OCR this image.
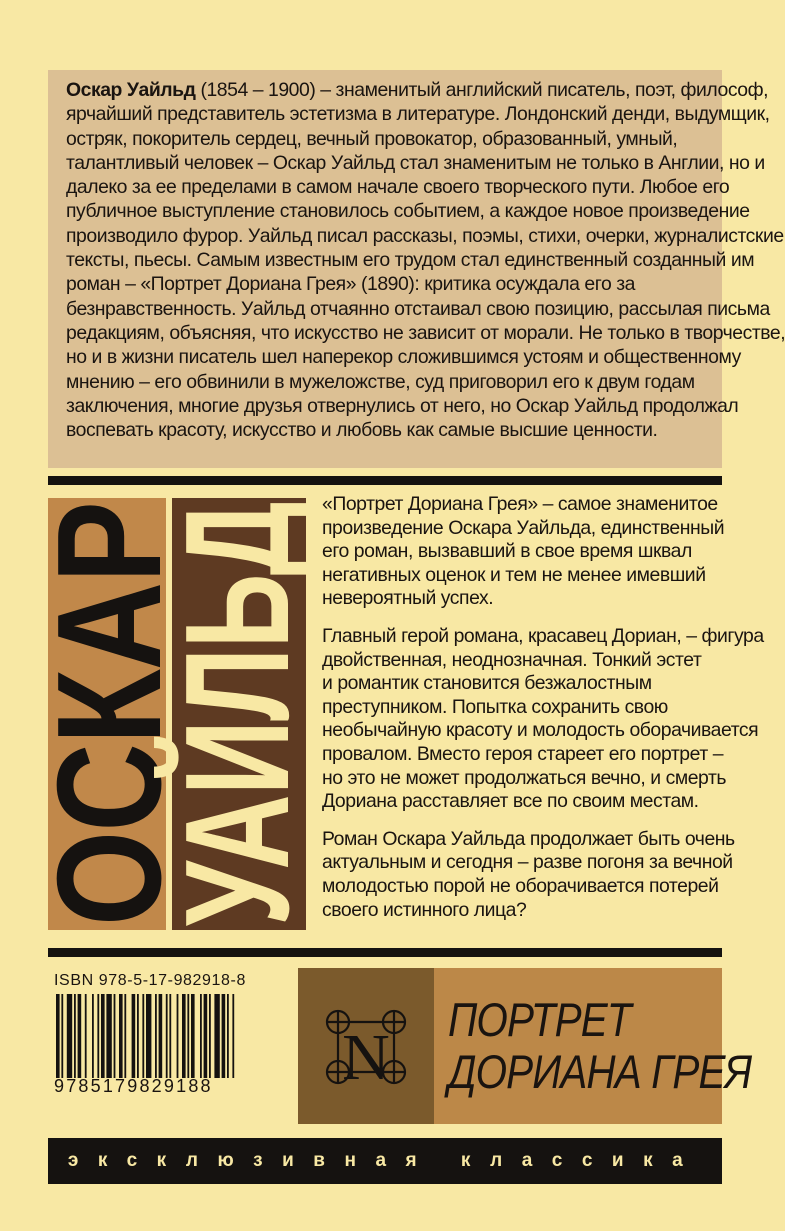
Оскар Уайльд (1854 – 1900) – знаменитый английский писатель, поэт, философ,

ярчайший представитель эстетизма в литературе. Лондонский денди, выдумщик,

остряк, покоритель сердец, вечный провокатор, образованный, умный,

талантливый человек – Оскар Уайльд стал знаменитым не только в Англии, но и

далеко за ее пределами в самом начале своего творческого пути. Любое его

публичное выступление становилось событием, а каждое новое произведение

производило фурор. Уайльд писал рассказы, поэмы, стихи, очерки, журналистские

тексты, пьесы. Самым известным его трудом стал единственный созданный им

роман – «Портрет Дориана Грея» (1890): критика осуждала его за

безнравственность. Уайльд отчаянно отстаивал свою позицию, рассылая письма

редакциям, объясняя, что искусство не зависит от морали. Не только в творчестве,

но и в жизни писатель шел наперекор сложившимся устоям и общественному

мнению – его обвинили в мужеложстве, суд приговорил его к двум годам

заключения, многие друзья отвернулись от него, но Оскар Уайльд продолжал

воспевать красоту, искусство и любовь как самые высшие ценности.

ОСКАР
УАЙЛЬД «Портрет Дориана Грея» – самое знаменитое
произведение Оскара Уайльда, единственный
его роман, вызвавший в свое время шквал
негативных оценок и тем не менее имевший
невероятный успех.

Главный герой романа, красавец Дориан, – фигура
двойственная, неоднозначная. Тонкий эстет
и романтик становится безжалостным
преступником. Попытка сохранить свою
необычайную красоту и молодость оборачивается
провалом. Вместо героя стареет его портрет –
но это не может продолжаться вечно, и смерть
Дориана расставляет все по своим местам.

Роман Оскара Уайльда продолжает быть очень
актуальным и сегодня – разве погоня за вечной
молодостью порой не оборачивается потерей
своего истинного лица?

ISBN 978-5-17-982918-8
9785179829188 N
ПОРТРЕТ
ДОРИАНА ГРЕЯ
эксклюзивная классика
